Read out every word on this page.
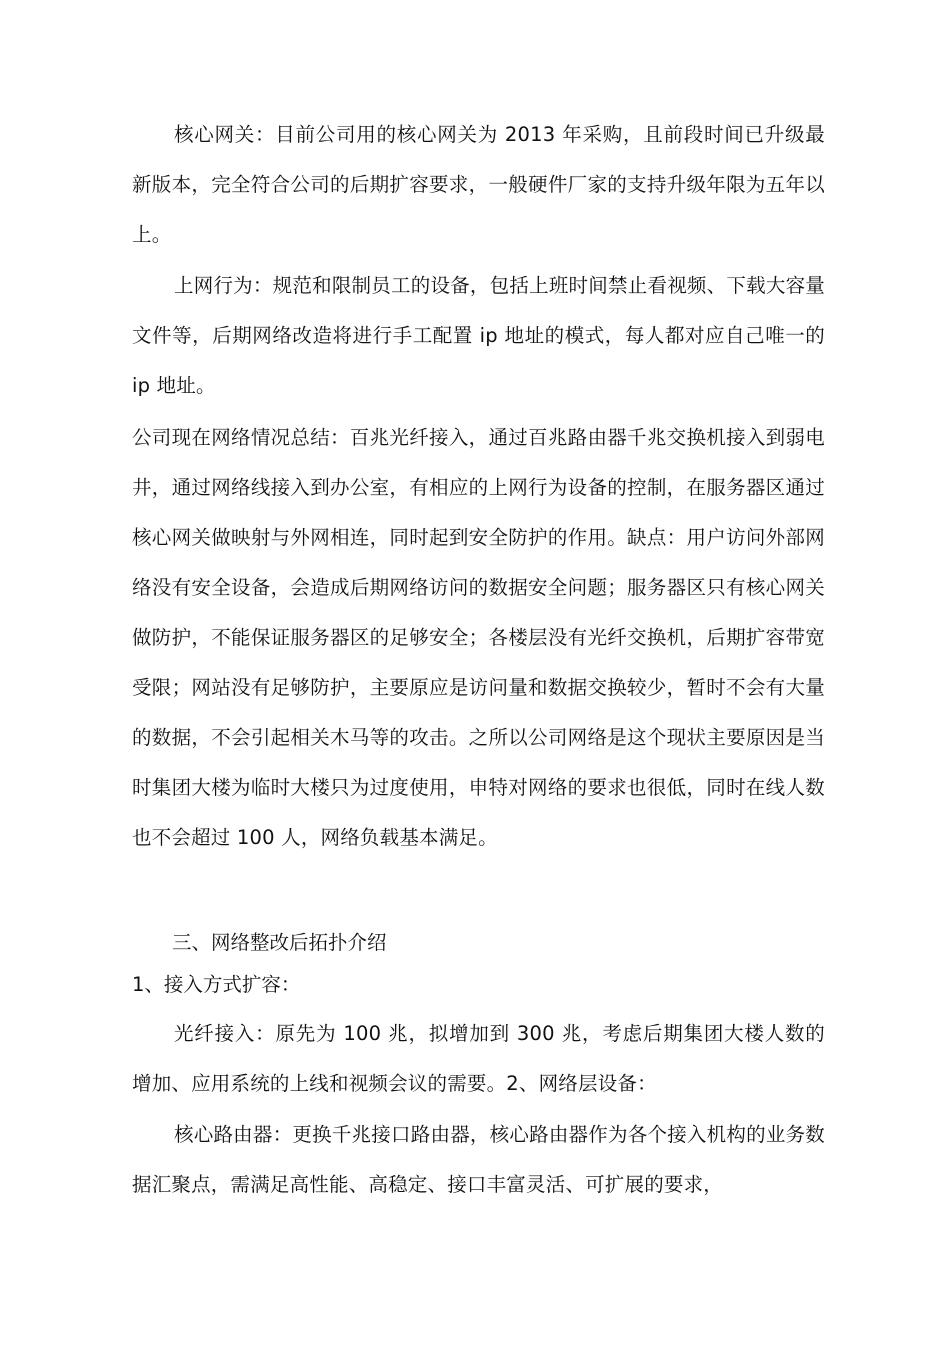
核心网关：目前公司用的核心网关为 2013 年采购，且前段时间已升级最新版本，完全符合公司的后期扩容要求，一般硬件厂家的支持升级年限为五年以上。

上网行为：规范和限制员工的设备，包括上班时间禁止看视频、下载大容量文件等，后期网络改造将进行手工配置 ip 地址的模式，每人都对应自己唯一的 ip 地址。

公司现在网络情况总结：百兆光纤接入，通过百兆路由器千兆交换机接入到弱电井，通过网络线接入到办公室，有相应的上网行为设备的控制，在服务器区通过核心网关做映射与外网相连，同时起到安全防护的作用。缺点：用户访问外部网络没有安全设备，会造成后期网络访问的数据安全问题；服务器区只有核心网关做防护，不能保证服务器区的足够安全；各楼层没有光纤交换机，后期扩容带宽受限；网站没有足够防护，主要原应是访问量和数据交换较少，暂时不会有大量的数据，不会引起相关木马等的攻击。之所以公司网络是这个现状主要原因是当时集团大楼为临时大楼只为过度使用，申特对网络的要求也很低，同时在线人数也不会超过 100 人，网络负载基本满足。

三、网络整改后拓扑介绍

1、接入方式扩容：

光纤接入：原先为 100 兆，拟增加到 300 兆，考虑后期集团大楼人数的增加、应用系统的上线和视频会议的需要。2、网络层设备：

核心路由器：更换千兆接口路由器，核心路由器作为各个接入机构的业务数据汇聚点，需满足高性能、高稳定、接口丰富灵活、可扩展的要求，
